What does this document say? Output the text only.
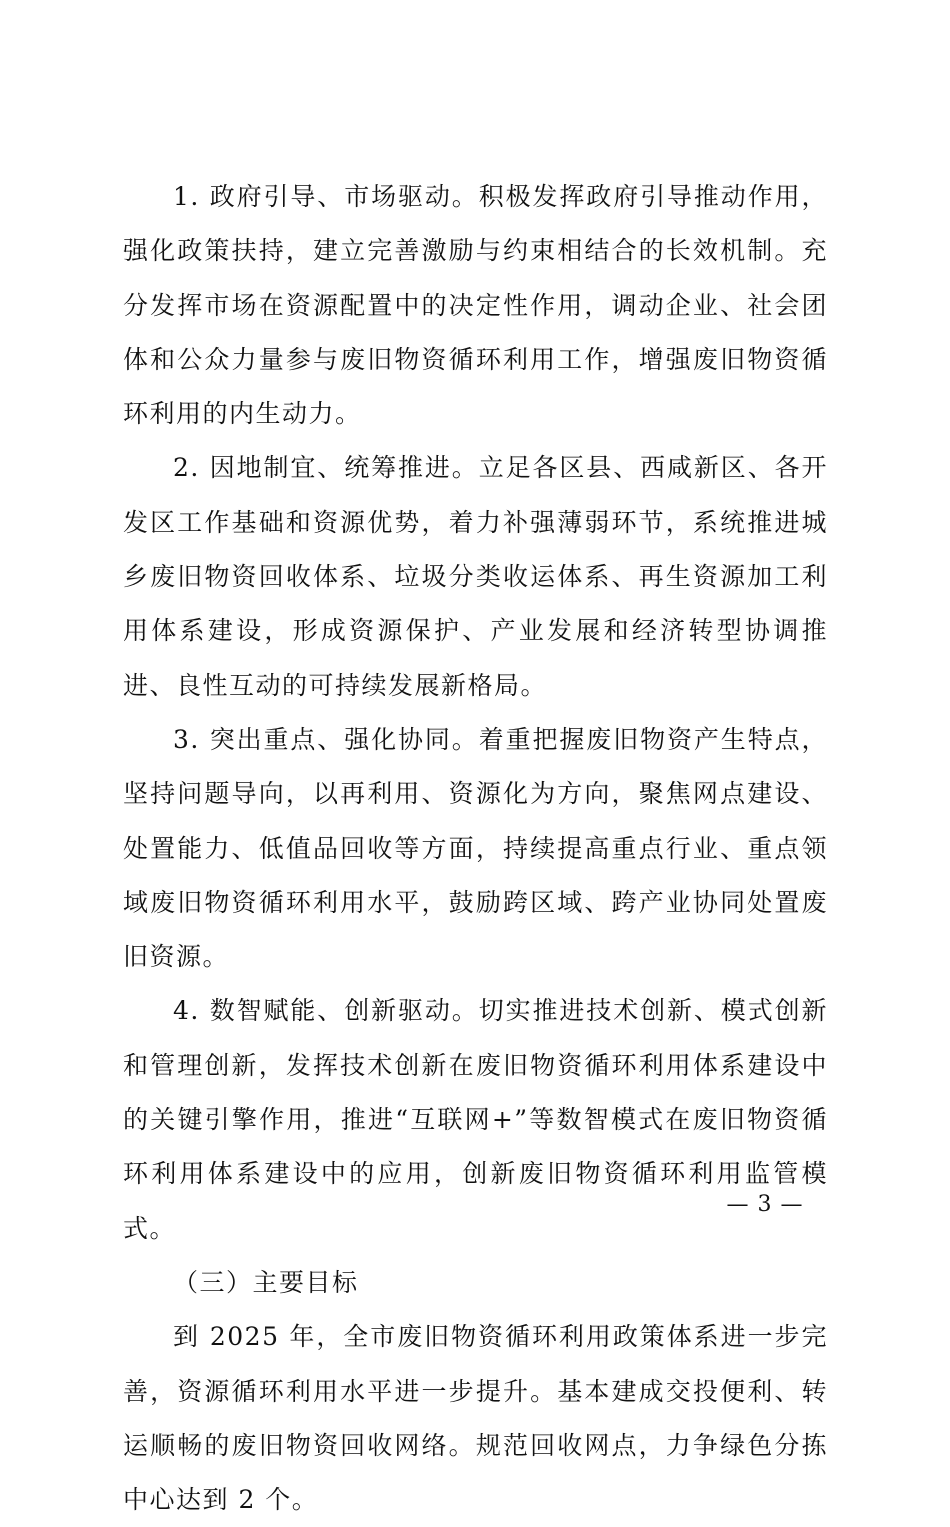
1. 政府引导、市场驱动。积极发挥政府引导推动作用，强化政策扶持，建立完善激励与约束相结合的长效机制。充分发挥市场在资源配置中的决定性作用，调动企业、社会团体和公众力量参与废旧物资循环利用工作，增强废旧物资循环利用的内生动力。

2. 因地制宜、统筹推进。立足各区县、西咸新区、各开发区工作基础和资源优势，着力补强薄弱环节，系统推进城乡废旧物资回收体系、垃圾分类收运体系、再生资源加工利用体系建设，形成资源保护、产业发展和经济转型协调推进、良性互动的可持续发展新格局。

3. 突出重点、强化协同。着重把握废旧物资产生特点，坚持问题导向，以再利用、资源化为方向，聚焦网点建设、处置能力、低值品回收等方面，持续提高重点行业、重点领域废旧物资循环利用水平，鼓励跨区域、跨产业协同处置废旧资源。

4. 数智赋能、创新驱动。切实推进技术创新、模式创新和管理创新，发挥技术创新在废旧物资循环利用体系建设中的关键引擎作用，推进“互联网+”等数智模式在废旧物资循环利用体系建设中的应用，创新废旧物资循环利用监管模式。

（三）主要目标

到 2025 年，全市废旧物资循环利用政策体系进一步完善，资源循环利用水平进一步提升。基本建成交投便利、转运顺畅的废旧物资回收网络。规范回收网点，力争绿色分拣中心达到 2 个。

— 3 —
